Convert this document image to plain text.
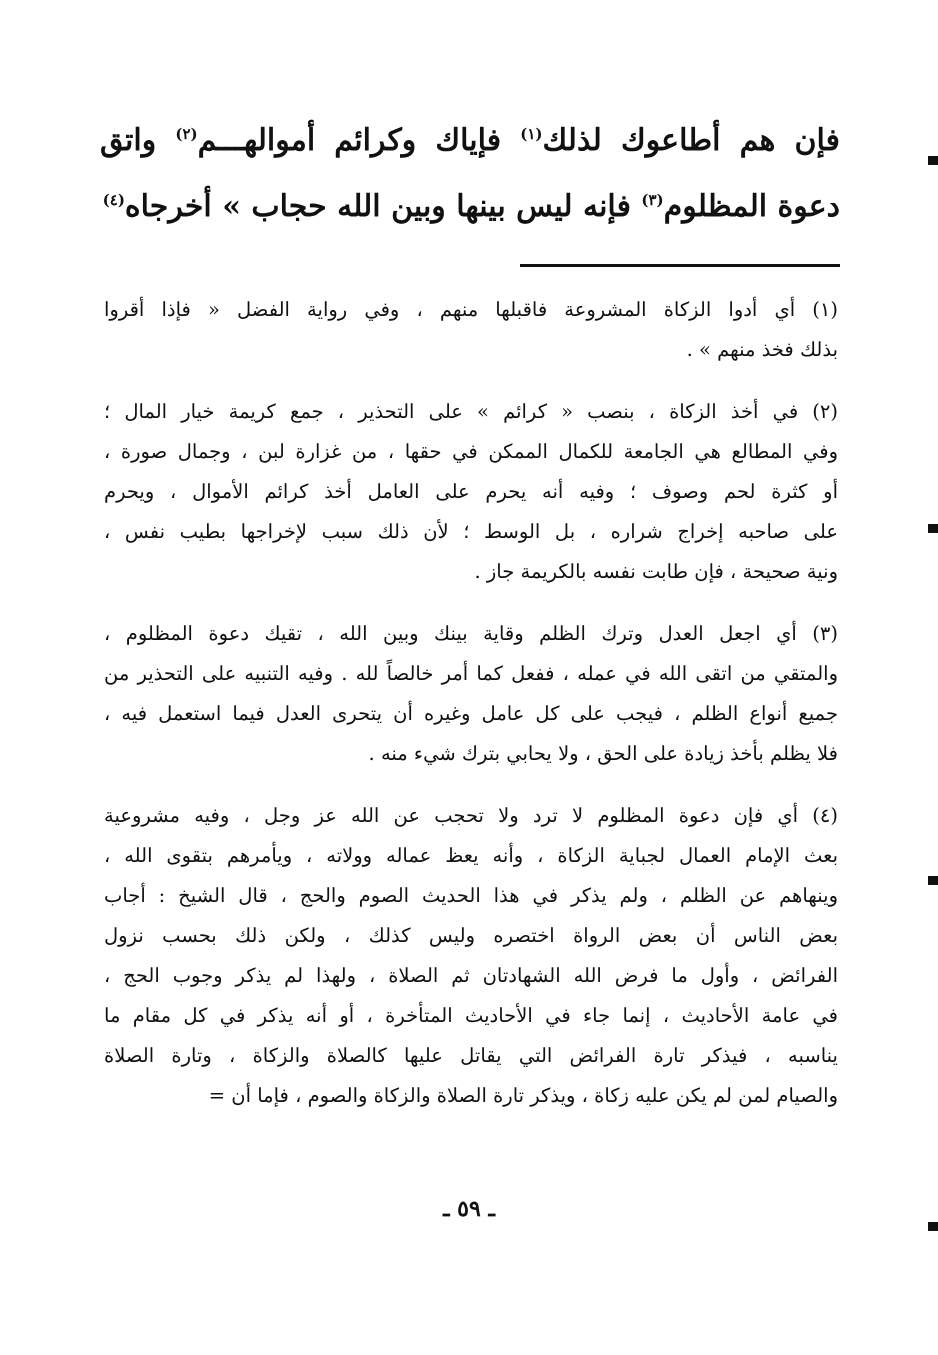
فإن هم أطاعوك لذلك$^{(١)}$ فإياك وكرائم أموالهـــم$^{(٢)}$ واتق
دعوة المظلوم$^{(٣)}$ فإنه ليس بينها وبين الله حجاب » أخرجاه$^{(٤)}$
(١) أي أدوا الزكاة المشروعة فاقبلها منهم ، وفي رواية الفضل « فإذا أقروا
بذلك فخذ منهم » .
(٢) في أخذ الزكاة ، بنصب « كرائم » على التحذير ، جمع كريمة خيار المال ؛
وفي المطالع هي الجامعة للكمال الممكن في حقها ، من غزارة لبن ، وجمال صورة ،
أو كثرة لحم وصوف ؛ وفيه أنه يحرم على العامل أخذ كرائم الأموال ، ويحرم
على صاحبه إخراج شراره ، بل الوسط ؛ لأن ذلك سبب لإخراجها بطيب نفس ،
ونية صحيحة ، فإن طابت نفسه بالكريمة جاز .
(٣) أي اجعل العدل وترك الظلم وقاية بينك وبين الله ، تقيك دعوة المظلوم ،
والمتقي من اتقى الله في عمله ، ففعل كما أمر خالصاً لله . وفيه التنبيه على التحذير من
جميع أنواع الظلم ، فيجب على كل عامل وغيره أن يتحرى العدل فيما استعمل فيه ،
فلا يظلم بأخذ زيادة على الحق ، ولا يحابي بترك شيء منه .
(٤) أي فإن دعوة المظلوم لا ترد ولا تحجب عن الله عز وجل ، وفيه مشروعية
بعث الإمام العمال لجباية الزكاة ، وأنه يعظ عماله وولاته ، ويأمرهم بتقوى الله ،
وينهاهم عن الظلم ، ولم يذكر في هذا الحديث الصوم والحج ، قال الشيخ : أجاب
بعض الناس أن بعض الرواة اختصره وليس كذلك ، ولكن ذلك بحسب نزول
الفرائض ، وأول ما فرض الله الشهادتان ثم الصلاة ، ولهذا لم يذكر وجوب الحج ،
في عامة الأحاديث ، إنما جاء في الأحاديث المتأخرة ، أو أنه يذكر في كل مقام ما
يناسبه ، فيذكر تارة الفرائض التي يقاتل عليها كالصلاة والزكاة ، وتارة الصلاة
والصيام لمن لم يكن عليه زكاة ، ويذكر تارة الصلاة والزكاة والصوم ، فإما أن =
ـ ٥٩ ـ
